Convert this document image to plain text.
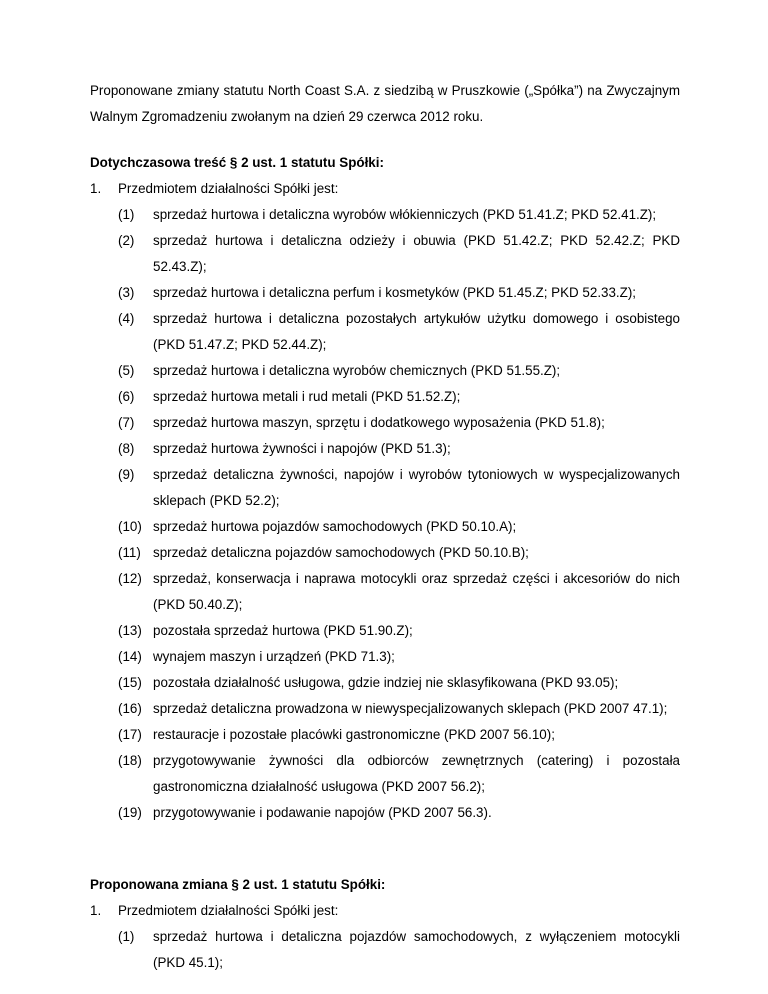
Proponowane zmiany statutu North Coast S.A. z siedzibą w Pruszkowie („Spółka”) na Zwyczajnym Walnym Zgromadzeniu zwołanym na dzień 29 czerwca 2012 roku.

Dotychczasowa treść § 2 ust. 1 statutu Spółki:

1.	Przedmiotem działalności Spółki jest:
(1)	sprzedaż hurtowa i detaliczna wyrobów włókienniczych (PKD 51.41.Z; PKD 52.41.Z);
(2)	sprzedaż hurtowa i detaliczna odzieży i obuwia (PKD 51.42.Z; PKD 52.42.Z; PKD 52.43.Z);
(3)	sprzedaż hurtowa i detaliczna perfum i kosmetyków (PKD 51.45.Z; PKD 52.33.Z);
(4)	sprzedaż hurtowa i detaliczna pozostałych artykułów użytku domowego i osobistego (PKD 51.47.Z; PKD 52.44.Z);
(5)	sprzedaż hurtowa i detaliczna wyrobów chemicznych (PKD 51.55.Z);
(6)	sprzedaż hurtowa metali i rud metali (PKD 51.52.Z);
(7)	sprzedaż hurtowa maszyn, sprzętu i dodatkowego wyposażenia (PKD 51.8);
(8)	sprzedaż hurtowa żywności i napojów (PKD 51.3);
(9)	sprzedaż detaliczna żywności, napojów i wyrobów tytoniowych w wyspecjalizowanych sklepach (PKD 52.2);
(10) sprzedaż hurtowa pojazdów samochodowych (PKD 50.10.A);
(11) sprzedaż detaliczna pojazdów samochodowych (PKD 50.10.B);
(12) sprzedaż, konserwacja i naprawa motocykli oraz sprzedaż części i akcesoriów do nich (PKD 50.40.Z);
(13) pozostała sprzedaż hurtowa (PKD 51.90.Z);
(14) wynajem maszyn i urządzeń (PKD 71.3);
(15) pozostała działalność usługowa, gdzie indziej nie sklasyfikowana (PKD 93.05);
(16) sprzedaż detaliczna prowadzona w niewyspecjalizowanych sklepach (PKD 2007 47.1);
(17) restauracje i pozostałe placówki gastronomiczne (PKD 2007 56.10);
(18) przygotowywanie żywności dla odbiorców zewnętrznych (catering) i pozostała gastronomiczna działalność usługowa (PKD 2007 56.2);
(19) przygotowywanie i podawanie napojów (PKD 2007 56.3).

Proponowana zmiana § 2 ust. 1 statutu Spółki:

1.	Przedmiotem działalności Spółki jest:
(1)	sprzedaż hurtowa i detaliczna pojazdów samochodowych, z wyłączeniem motocykli (PKD 45.1);
